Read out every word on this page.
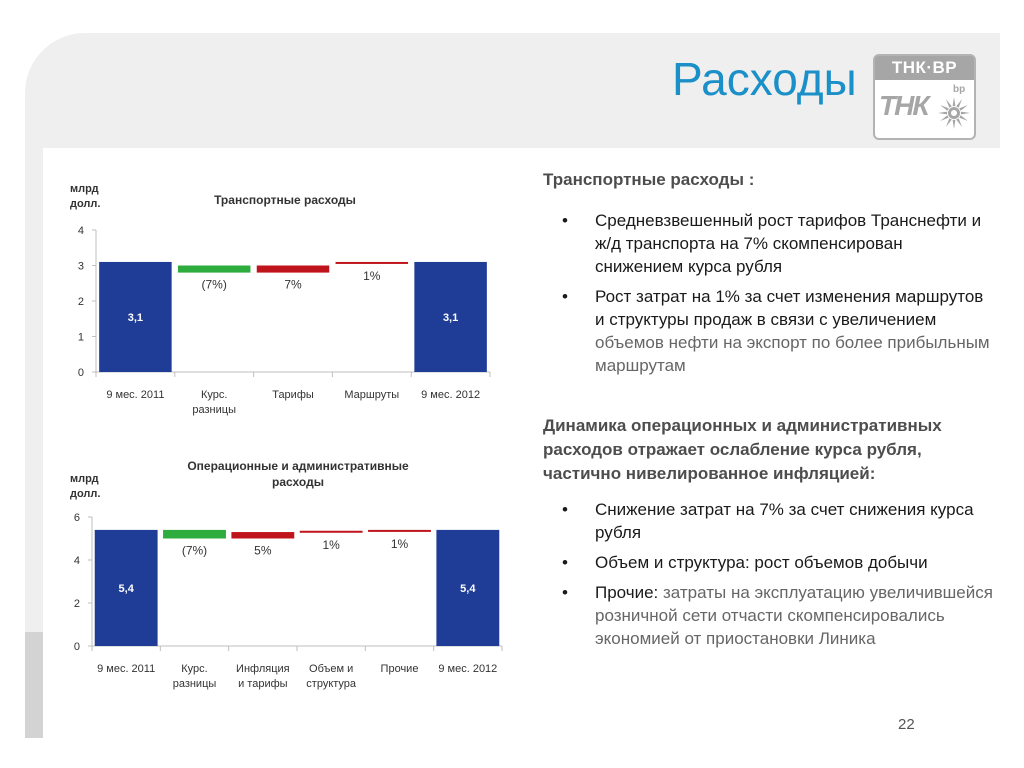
Расходы	ТНК·BP
ТНК
bp
Транспортные расходы
млрд
долл.
0
1
2
3
4
9 мес. 2011	Курс.
разницы
Тарифы	Маршруты 9 мес. 2012
3,1
(7%)	7%
1%
3,1
Операционные и административные
расходы
млрд
долл.
0
2
4
6
9 мес. 2011 Курс.
разницы
Инфляция
и тарифы
Объем и
структура
Прочие 9 мес. 2012
5,4
(7%)	5%	1%	1%
5,4

Транспортные расходы :

• Средневзвешенный рост тарифов Транснефти и ж/д транспорта на 7% скомпенсирован снижением курса рубля
• Рост затрат на 1% за счет изменения маршрутов и структуры продаж в связи с увеличением объемов нефти на экспорт по более прибыльным маршрутам

Динамика операционных и административных расходов отражает ослабление курса рубля, частично нивелированное инфляцией:

• Снижение затрат на 7% за счет снижения курса рубля
• Объем и структура: рост объемов добычи
• Прочие: затраты на эксплуатацию увеличившейся розничной сети отчасти скомпенсировались экономией от приостановки Линика
22
